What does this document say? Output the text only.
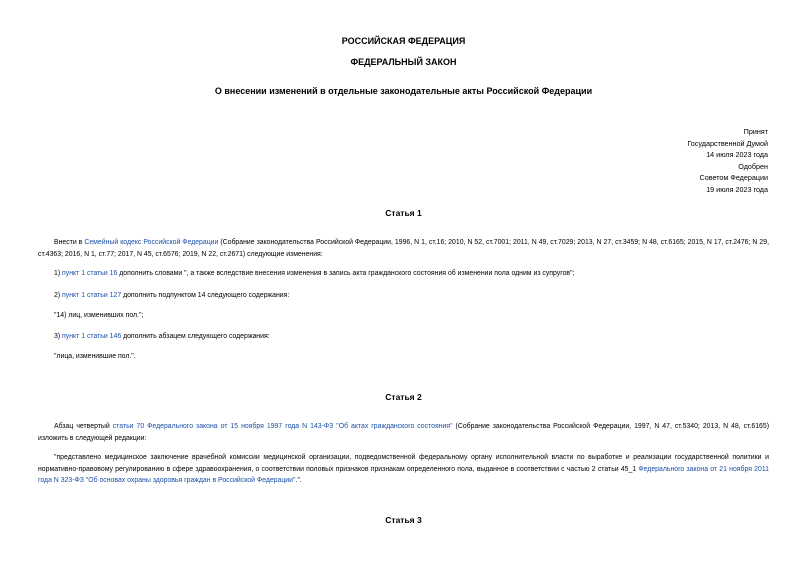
РОССИЙСКАЯ ФЕДЕРАЦИЯ
ФЕДЕРАЛЬНЫЙ ЗАКОН
О внесении изменений в отдельные законодательные акты Российской Федерации
Принят
Государственной Думой
14 июля 2023 года
Одобрен
Советом Федерации
19 июля 2023 года
Статья 1
Внести в Семейный кодекс Российской Федерации (Собрание законодательства Российской Федерации, 1996, N 1, ст.16; 2010, N 52, ст.7001; 2011, N 49, ст.7029; 2013, N 27, ст.3459; N 48, ст.6165; 2015, N 17, ст.2476; N 29, ст.4363; 2016, N 1, ст.77; 2017, N 45, ст.6576; 2019, N 22, ст.2671) следующие изменения:
1) пункт 1 статьи 16 дополнить словами ", а также вследствие внесения изменения в запись акта гражданского состояния об изменении пола одним из супругов";
2) пункт 1 статьи 127 дополнить подпунктом 14 следующего содержания:
"14) лиц, изменивших пол.";
3) пункт 1 статьи 146 дополнить абзацем следующего содержания:
"лица, изменившие пол.".
Статья 2
Абзац четвертый статьи 70 Федерального закона от 15 ноября 1997 года N 143-ФЗ "Об актах гражданского состояния" (Собрание законодательства Российской Федерации, 1997, N 47, ст.5340; 2013, N 48, ст.6165) изложить в следующей редакции:
"представлено медицинское заключение врачебной комиссии медицинской организации, подведомственной федеральному органу исполнительной власти по выработке и реализации государственной политики и нормативно-правовому регулированию в сфере здравоохранения, о соответствии половых признаков признакам определенного пола, выданное в соответствии с частью 2 статьи 45_1 Федерального закона от 21 ноября 2011 года N 323-ФЗ "Об основах охраны здоровья граждан в Российской Федерации".".
Статья 3
